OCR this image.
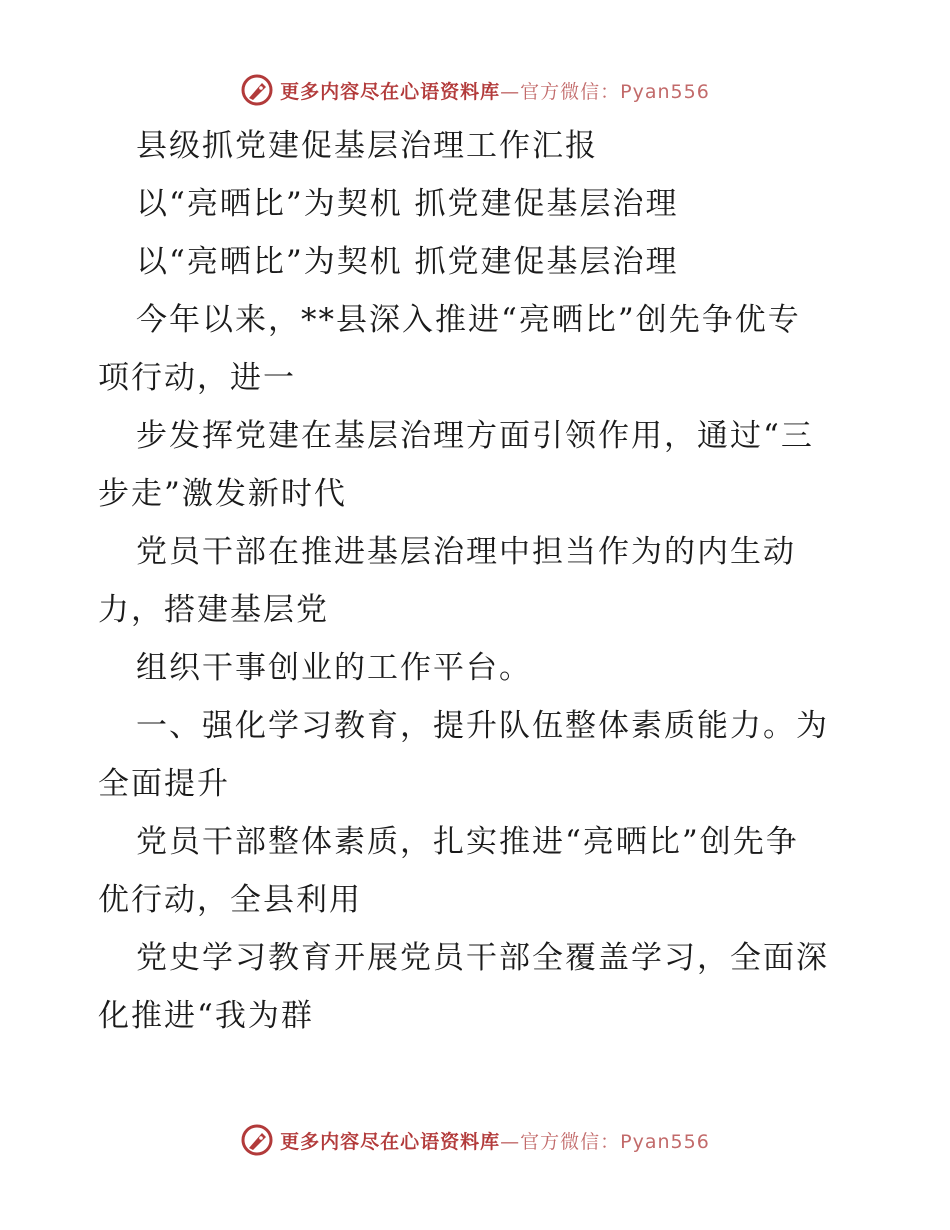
更多内容尽在心语资料库—官方微信：Pyan556
县级抓党建促基层治理工作汇报
以“亮晒比”为契机 抓党建促基层治理
以“亮晒比”为契机 抓党建促基层治理
今年以来，**县深入推进“亮晒比”创先争优专
项行动，进一
步发挥党建在基层治理方面引领作用，通过“三
步走”激发新时代
党员干部在推进基层治理中担当作为的内生动
力，搭建基层党
组织干事创业的工作平台。
一、强化学习教育，提升队伍整体素质能力。为
全面提升
党员干部整体素质，扎实推进“亮晒比”创先争
优行动，全县利用
党史学习教育开展党员干部全覆盖学习，全面深
化推进“我为群
更多内容尽在心语资料库—官方微信：Pyan556
